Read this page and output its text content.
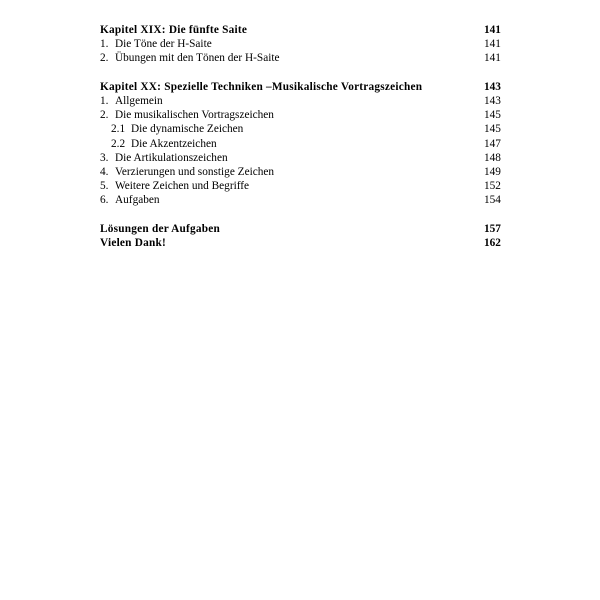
Kapitel XIX: Die fünfte Saite	141
1. Die Töne der H-Saite	141
2. Übungen mit den Tönen der H-Saite	141
Kapitel XX: Spezielle Techniken –Musikalische Vortragszeichen	143
1. Allgemein	143
2. Die musikalischen Vortragszeichen	145
2.1 Die dynamische Zeichen	145
2.2 Die Akzentzeichen	147
3. Die Artikulationszeichen	148
4. Verzierungen und sonstige Zeichen	149
5. Weitere Zeichen und Begriffe	152
6. Aufgaben	154
Lösungen der Aufgaben	157
Vielen Dank!	162
